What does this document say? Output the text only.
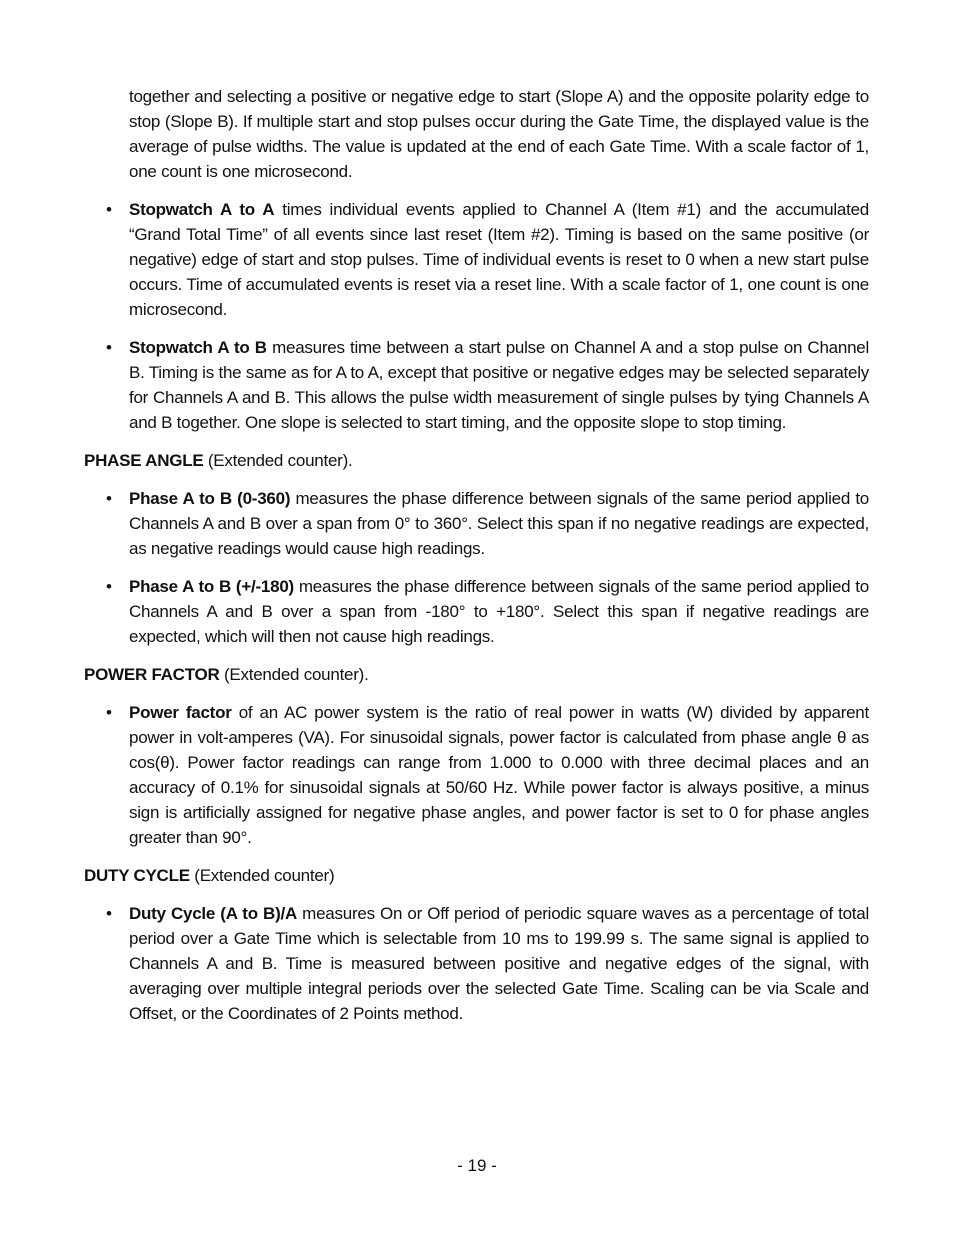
together and selecting a positive or negative edge to start (Slope A) and the opposite polarity edge to stop (Slope B). If multiple start and stop pulses occur during the Gate Time, the displayed value is the average of pulse widths. The value is updated at the end of each Gate Time. With a scale factor of 1, one count is one microsecond.

• Stopwatch A to A times individual events applied to Channel A (Item #1) and the accumulated “Grand Total Time” of all events since last reset (Item #2). Timing is based on the same positive (or negative) edge of start and stop pulses. Time of individual events is reset to 0 when a new start pulse occurs. Time of accumulated events is reset via a reset line. With a scale factor of 1, one count is one microsecond.
• Stopwatch A to B measures time between a start pulse on Channel A and a stop pulse on Channel B. Timing is the same as for A to A, except that positive or negative edges may be selected separately for Channels A and B. This allows the pulse width measurement of single pulses by tying Channels A and B together. One slope is selected to start timing, and the opposite slope to stop timing.

PHASE ANGLE (Extended counter).

• Phase A to B (0-360) measures the phase difference between signals of the same period applied to Channels A and B over a span from 0° to 360°. Select this span if no negative readings are expected, as negative readings would cause high readings.
• Phase A to B (+/-180) measures the phase difference between signals of the same period applied to Channels A and B over a span from -180° to +180°. Select this span if negative readings are expected, which will then not cause high readings.

POWER FACTOR (Extended counter).

• Power factor of an AC power system is the ratio of real power in watts (W) divided by apparent power in volt-amperes (VA). For sinusoidal signals, power factor is calculated from phase angle θ as cos(θ). Power factor readings can range from 1.000 to 0.000 with three decimal places and an accuracy of 0.1% for sinusoidal signals at 50/60 Hz. While power factor is always positive, a minus sign is artificially assigned for negative phase angles, and power factor is set to 0 for phase angles greater than 90°.

DUTY CYCLE (Extended counter)

• Duty Cycle (A to B)/A measures On or Off period of periodic square waves as a percentage of total period over a Gate Time which is selectable from 10 ms to 199.99 s. The same signal is applied to Channels A and B. Time is measured between positive and negative edges of the signal, with averaging over multiple integral periods over the selected Gate Time. Scaling can be via Scale and Offset, or the Coordinates of 2 Points method.
- 19 -
